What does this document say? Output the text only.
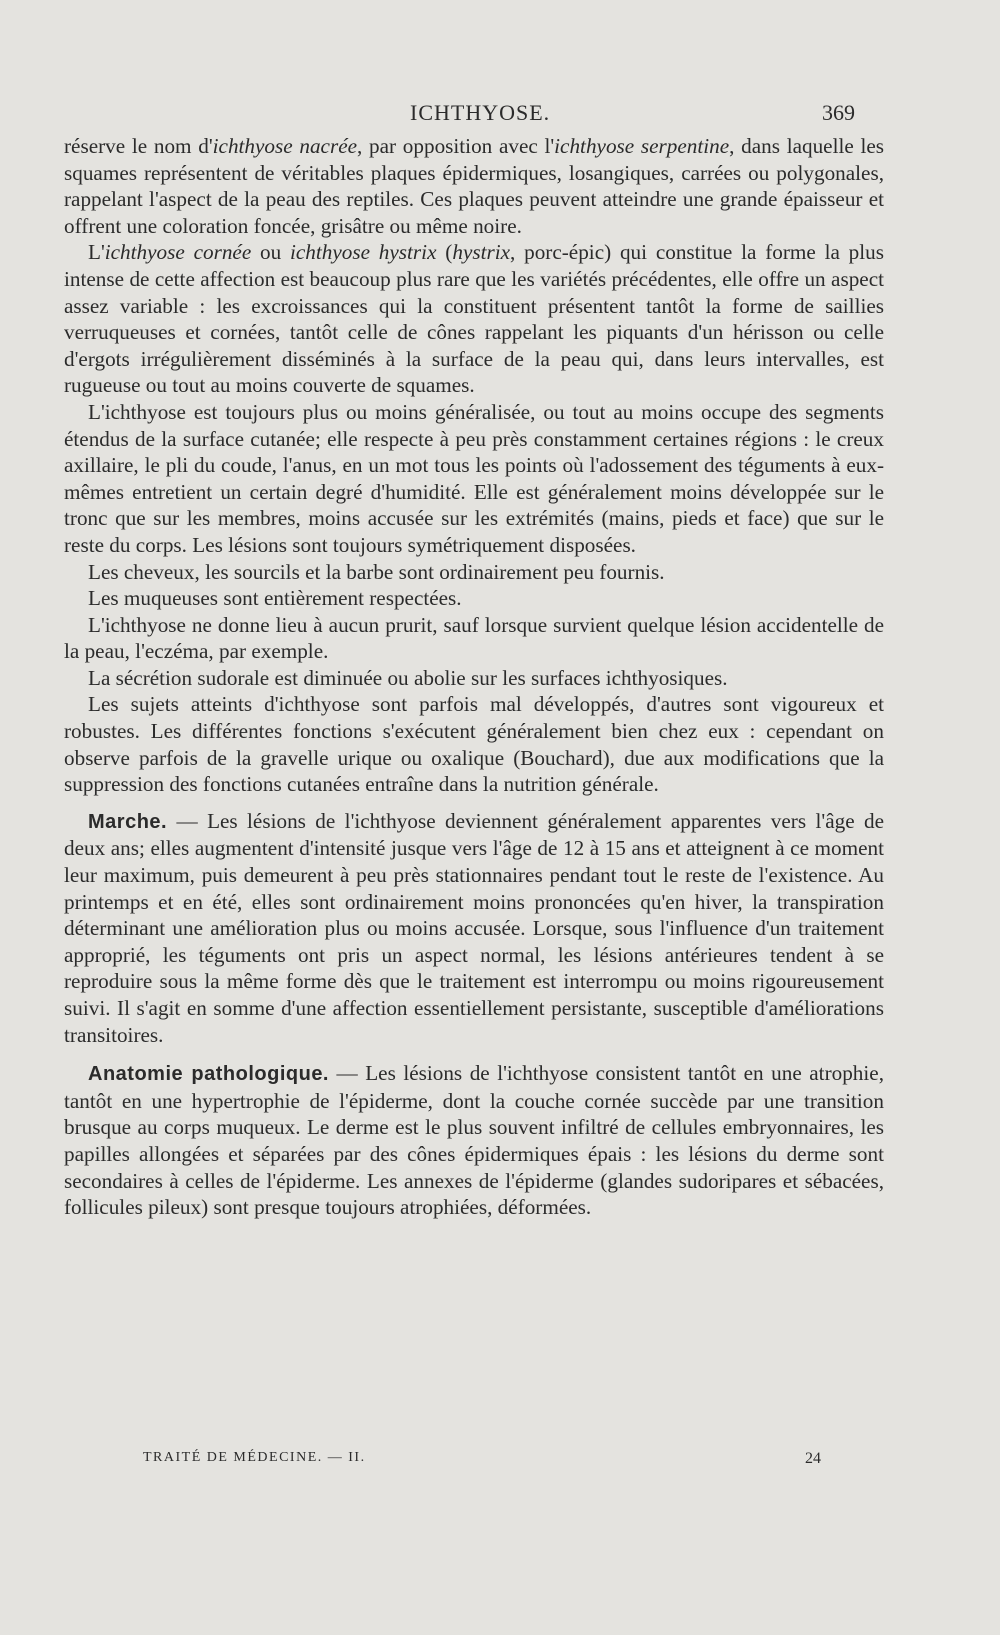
ICHTHYOSE.	369

réserve le nom d'ichthyose nacrée, par opposition avec l'ichthyose serpentine, dans laquelle les squames représentent de véritables plaques épidermiques, losangiques, carrées ou polygonales, rappelant l'aspect de la peau des reptiles. Ces plaques peuvent atteindre une grande épaisseur et offrent une coloration foncée, grisâtre ou même noire.

L'ichthyose cornée ou ichthyose hystrix (hystrix, porc-épic) qui constitue la forme la plus intense de cette affection est beaucoup plus rare que les variétés précédentes, elle offre un aspect assez variable : les excroissances qui la constituent présentent tantôt la forme de saillies verruqueuses et cornées, tantôt celle de cônes rappelant les piquants d'un hérisson ou celle d'ergots irrégulièrement disséminés à la surface de la peau qui, dans leurs intervalles, est rugueuse ou tout au moins couverte de squames.

L'ichthyose est toujours plus ou moins généralisée, ou tout au moins occupe des segments étendus de la surface cutanée; elle respecte à peu près constamment certaines régions : le creux axillaire, le pli du coude, l'anus, en un mot tous les points où l'adossement des téguments à eux-mêmes entretient un certain degré d'humidité. Elle est généralement moins développée sur le tronc que sur les membres, moins accusée sur les extrémités (mains, pieds et face) que sur le reste du corps. Les lésions sont toujours symétriquement disposées.

Les cheveux, les sourcils et la barbe sont ordinairement peu fournis.

Les muqueuses sont entièrement respectées.

L'ichthyose ne donne lieu à aucun prurit, sauf lorsque survient quelque lésion accidentelle de la peau, l'eczéma, par exemple.

La sécrétion sudorale est diminuée ou abolie sur les surfaces ichthyosiques.

Les sujets atteints d'ichthyose sont parfois mal développés, d'autres sont vigoureux et robustes. Les différentes fonctions s'exécutent généralement bien chez eux : cependant on observe parfois de la gravelle urique ou oxalique (Bouchard), due aux modifications que la suppression des fonctions cutanées entraîne dans la nutrition générale.

Marche. — Les lésions de l'ichthyose deviennent généralement apparentes vers l'âge de deux ans; elles augmentent d'intensité jusque vers l'âge de 12 à 15 ans et atteignent à ce moment leur maximum, puis demeurent à peu près stationnaires pendant tout le reste de l'existence. Au printemps et en été, elles sont ordinairement moins prononcées qu'en hiver, la transpiration déterminant une amélioration plus ou moins accusée. Lorsque, sous l'influence d'un traitement approprié, les téguments ont pris un aspect normal, les lésions antérieures tendent à se reproduire sous la même forme dès que le traitement est interrompu ou moins rigoureusement suivi. Il s'agit en somme d'une affection essentiellement persistante, susceptible d'améliorations transitoires.

Anatomie pathologique. — Les lésions de l'ichthyose consistent tantôt en une atrophie, tantôt en une hypertrophie de l'épiderme, dont la couche cornée succède par une transition brusque au corps muqueux. Le derme est le plus souvent infiltré de cellules embryonnaires, les papilles allongées et séparées par des cônes épidermiques épais : les lésions du derme sont secondaires à celles de l'épiderme. Les annexes de l'épiderme (glandes sudoripares et sébacées, follicules pileux) sont presque toujours atrophiées, déformées.

TRAITÉ DE MÉDECINE. — II.	24
